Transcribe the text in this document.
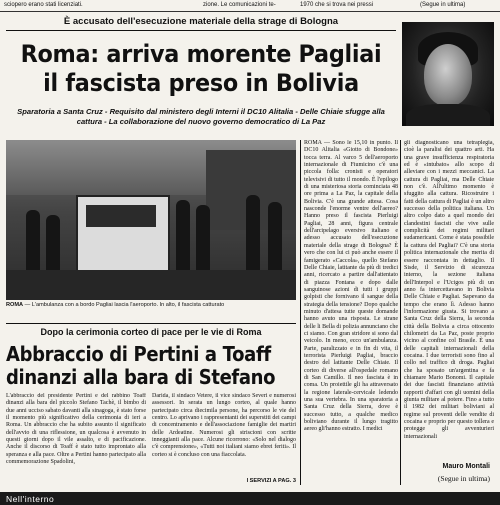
sciopero erano stati licenziati.	zione. Le comunicazioni te-	1970 che si trova nei pressi	(Segue in ultima)
È accusato dell'esecuzione materiale della strage di Bologna
Roma: arriva morente Pagliai
il fascista preso in Bolivia
Sparatoria a Santa Cruz - Requisito dal ministero degli Interni il DC10 Alitalia - Delle Chiaie sfugge alla cattura - La collaborazione del nuovo governo democratico di La Paz
ROMA — L'ambulanza con a bordo Pagliai lascia l'aeroporto. In alto, il fascista catturato
ROMA — Sono le 15,10 in punto. Il DC10 Alitalia «Giotto di Bondone» tocca terra. Al varco 5 dell'aeroporto internazionale di Fiumicino c'è una piccola folla: cronisti e operatori televisivi di tutto il mondo. È l'epilogo di una misteriosa storia cominciata 48 ore prima a La Paz, la capitale della Bolivia. C'è una grande attesa. Cosa nasconde l'enorme ventre dell'aereo? Hanno preso il fascista Pierluigi Pagliai, 28 anni, figura centrale dell'arcipelago eversivo italiano e adesso accusato dell'esecuzione materiale della strage di Bologna? È vero che con lui ci può anche essere il famigerato «Caccola», quello Stefano Delle Chiaie, latitante da più di tredici anni, ricercato a partire dall'attentato di piazza Fontana e dopo dalle sanguinose azioni di tutti i gruppi golpisti che fornivano il sangue della strategia della tensione? Dopo qualche minuto d'attesa tutte queste domande hanno avuto una risposta. Le strane delle li Bella di polizia annunciano che ci siamo. Con gran stridore si sono dal veicolo. In meno, ecco un'ambulanza. Parte, paralizzato e in fin di vita, il terrorista Pierluigi Pagliai, braccio destro del latitante Delle Chiaie. Il corteo di diverse all'ospedale romano di San Camillo. Il neo fascista è in coma. Un proiettile gli ha attraversato la regione laterale-cervicale ledendo una sua vertebra. In una sparatoria a Santa Cruz della Sierra, dove è successo tutto, a qualche medico boliviano durante il lungo tragitto aereo gli'hanno estratto. I medici
gli diagnosticano una tetraplegia, cioè la paralisi dei quattro arti. Ha una grave insufficienza respiratoria ed è «intubato» allo scopo di alleviare con i mezzi meccanici. La cattura di Pagliai, ma Delle Chiaie non c'è. All'ultimo momento è sfuggito alla cattura. Ricostruire i fatti della cattura di Pagliai è un altro successo della politica italiana. Un altro colpo dato a quel mondo dei clandestini fascisti che vive sulle complicità dei regimi militari sudamericani. Come è stata possibile la cattura del Pagliai? C'è una storia politica internazionale che merita di essere raccontata in dettaglio. Il Sisde, il Servizio di sicurezza interno, la sezione italiana dell'Interpol e l'Ucigos più di un anno fa intercettavano in Bolivia Delle Chiaie e Pagliai. Sapevano da tempo che erano lì. Adesso hanno l'informazione giusta. Si trovano a Santa Cruz della Sierra, la seconda città della Bolivia a circa ottocento chilometri da La Paz, poste proprio vicino al confine col Brasile. È una delle capitali internazionali della cocaina. I due terroristi sono fino al collo nel traffico di droga. Pagliai che ha sposato un'argentina e fa chiamare Mario Bonomi. Il capitale dei due fascisti finanziano attività rapporti d'affari con gli uomini della giunta militare al potere. Fino a tutto il 1982 dei militari boliviani al regime sul proventi delle vendite di cocaina e proprio per questo tollera e protegge gli avventurieri internazionali
Mauro Montali
(Segue in ultima)
Dopo la cerimonia corteo di pace per le vie di Roma
Abbraccio di Pertini a Toaff
dinanzi alla bara di Stefano
L'abbraccio del presidente Pertini e del rabbino Toaff dinanzi alla bara del piccolo Stefano Tachè, il bimbo di due anni ucciso sabato davanti alla sinagoga, è stato forse il momento più significativo della cerimonia di ieri a Roma. Un abbraccio che ha subito assunto il significato dell'avvio di una riflessione, un qualcosa è avvenuto in questi giorni dopo il vile assalto, e di pacificazione. Anche il discorso di Toaff è stato tutto improntato alla speranza e alla pace. Oltre a Pertini hanno partecipato alla commemorazione Spadolini,
Darida, il sindaco Vetere, il vice sindaco Severi e numerosi assessori. In serata un lungo corteo, al quale hanno partecipato circa diecimila persone, ha percorso le vie del centro. Lo aprivano i rappresentanti dei superstiti dei campi di concentramento e dell'associazione famiglie dei martiri delle Ardeatine. Numerosi gli striscioni con scritte inneggianti alla pace. Alcune ricorrono: «Solo nel dialogo c'è comprensione», «Tutti noi italiani siamo ebrei feriti». Il corteo si è concluso con una fiaccolata.
I SERVIZI A PAG. 3
Nell'interno
